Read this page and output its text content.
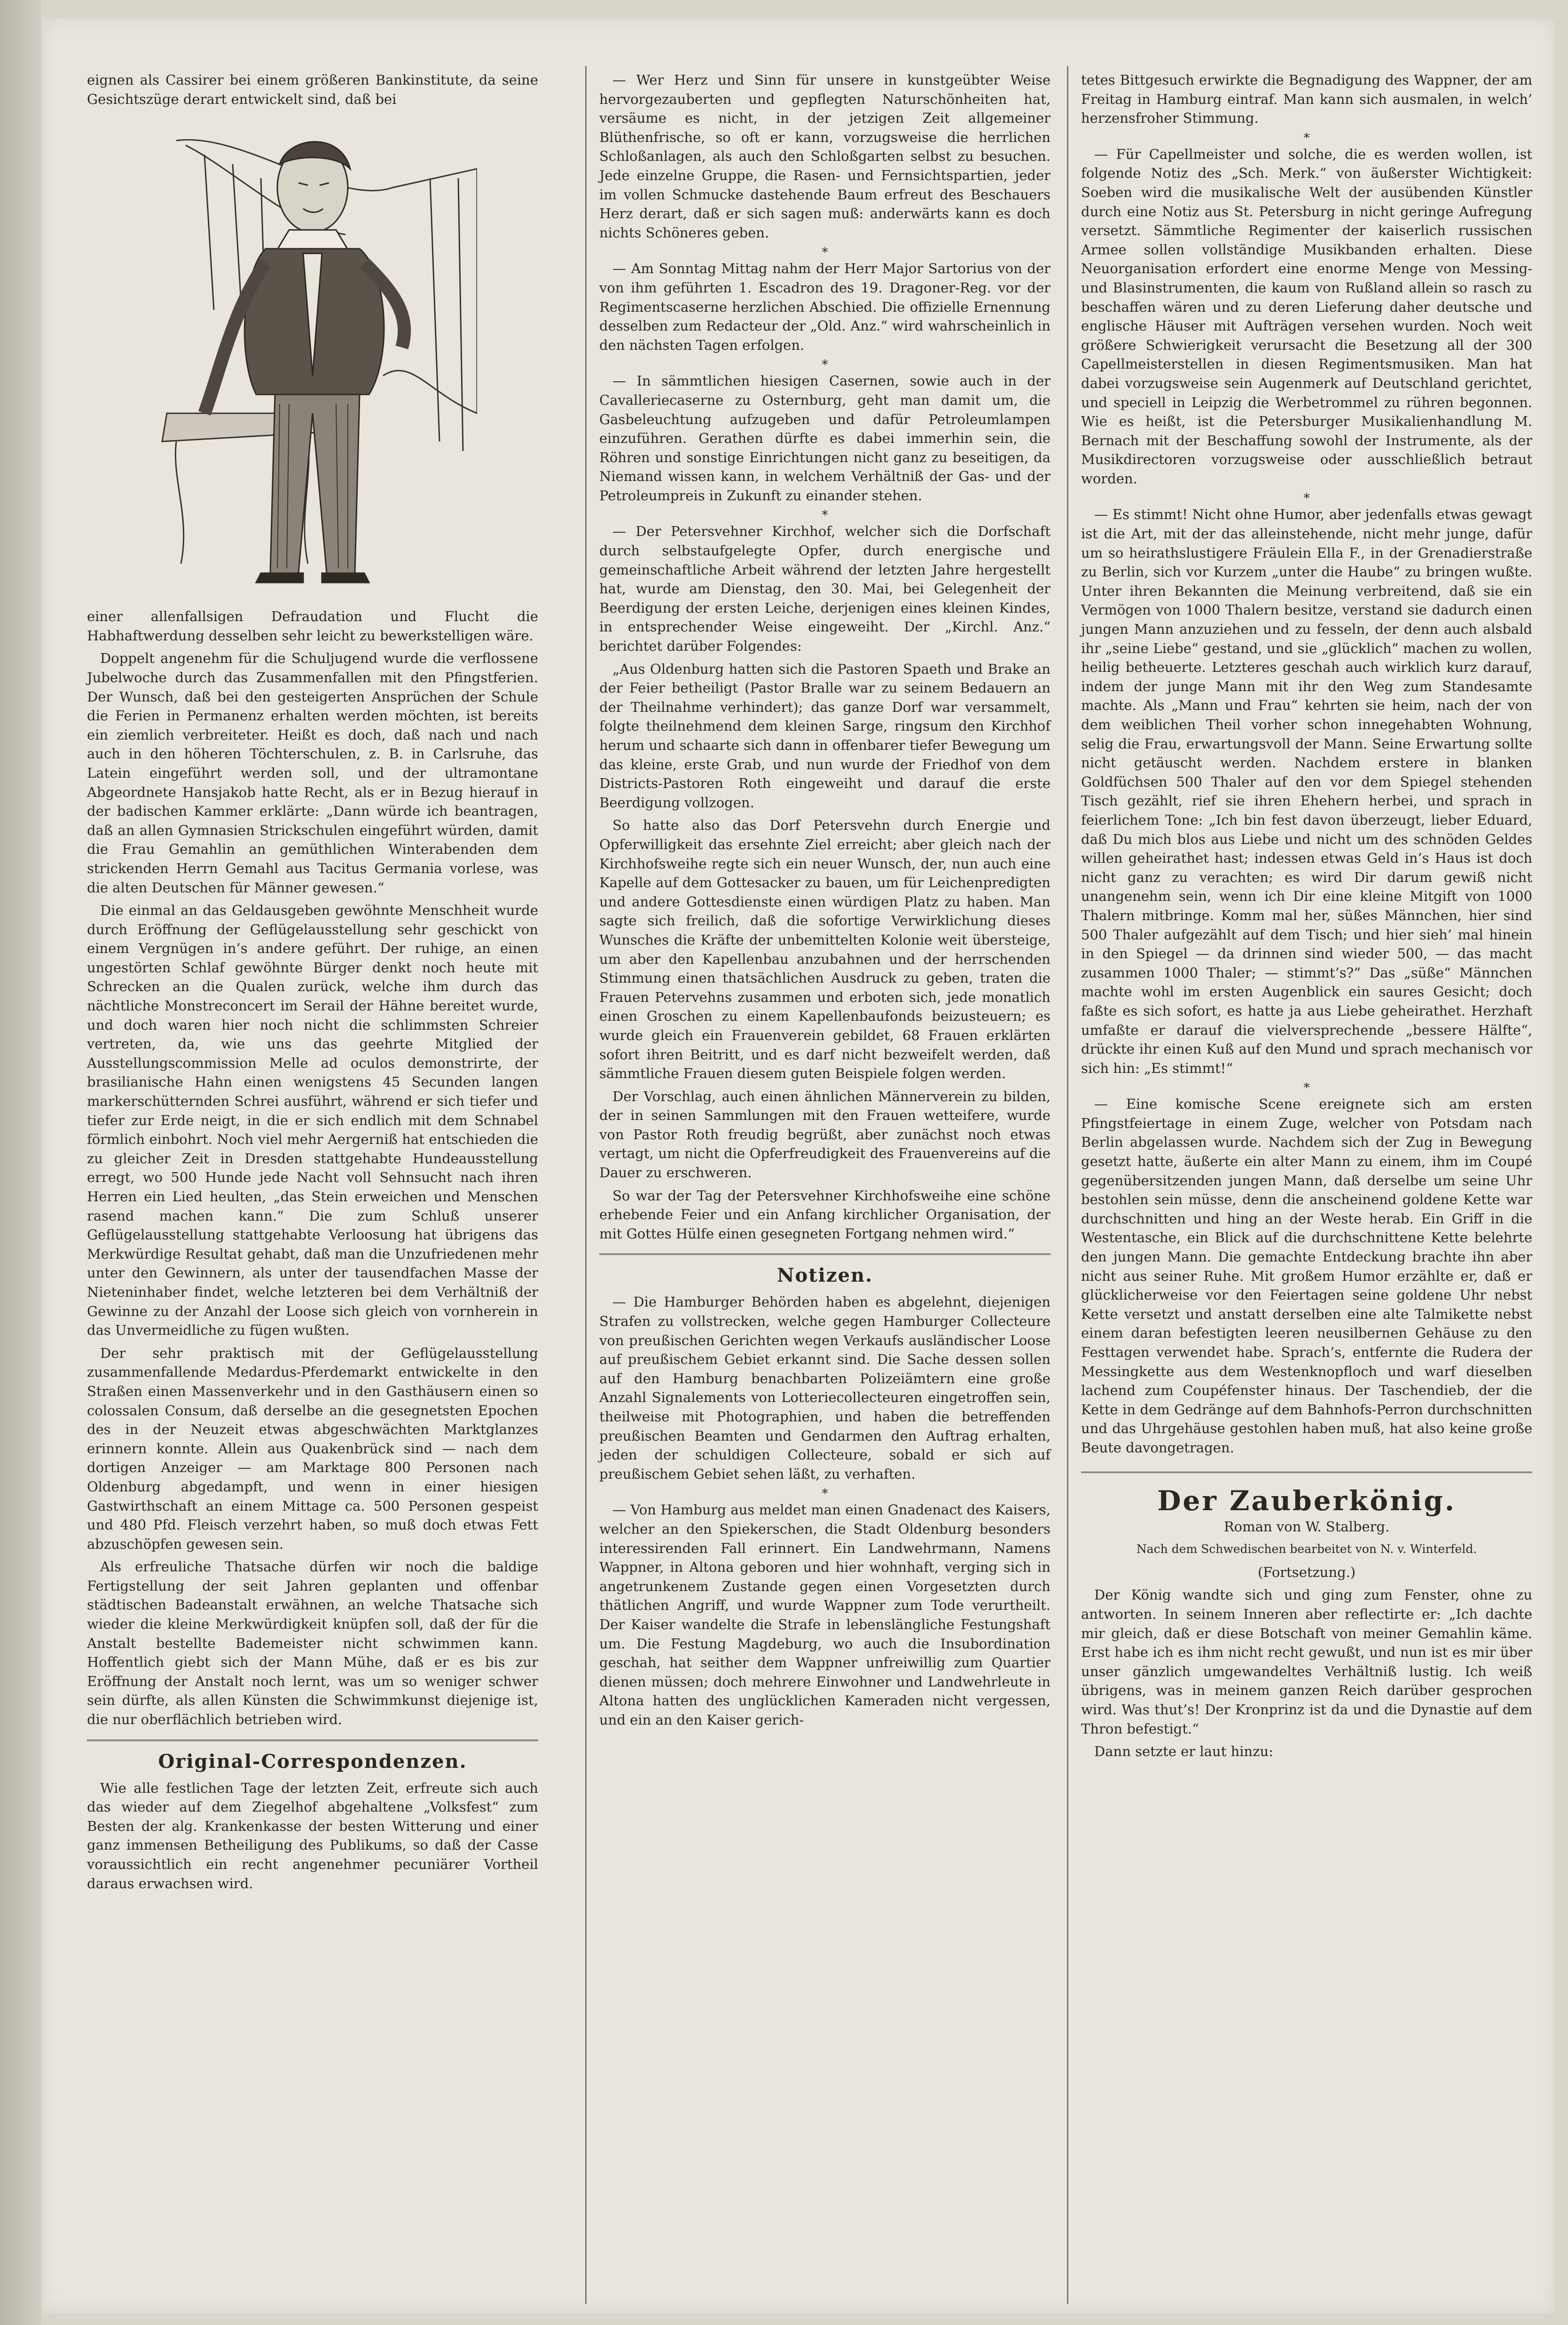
eignen als Cassirer bei einem größeren Bankinstitute, da seine Gesichtszüge derart entwickelt sind, daß bei

einer allenfallsigen Defraudation und Flucht die Habhaftwerdung desselben sehr leicht zu bewerkstelligen wäre.

Doppelt angenehm für die Schuljugend wurde die verflossene Jubelwoche durch das Zusammenfallen mit den Pfingstferien. Der Wunsch, daß bei den gesteigerten Ansprüchen der Schule die Ferien in Permanenz erhalten werden möchten, ist bereits ein ziemlich verbreiteter. Heißt es doch, daß nach und nach auch in den höheren Töchterschulen, z. B. in Carlsruhe, das Latein eingeführt werden soll, und der ultramontane Abgeordnete Hansjakob hatte Recht, als er in Bezug hierauf in der badischen Kammer erklärte: „Dann würde ich beantragen, daß an allen Gymnasien Strickschulen eingeführt würden, damit die Frau Gemahlin an gemüthlichen Winterabenden dem strickenden Herrn Gemahl aus Tacitus Germania vorlese, was die alten Deutschen für Männer gewesen.“

Die einmal an das Geldausgeben gewöhnte Menschheit wurde durch Eröffnung der Geflügelausstellung sehr geschickt von einem Vergnügen in’s andere geführt. Der ruhige, an einen ungestörten Schlaf gewöhnte Bürger denkt noch heute mit Schrecken an die Qualen zurück, welche ihm durch das nächtliche Monstreconcert im Serail der Hähne bereitet wurde, und doch waren hier noch nicht die schlimmsten Schreier vertreten, da, wie uns das geehrte Mitglied der Ausstellungscommission Melle ad oculos demonstrirte, der brasilianische Hahn einen wenigstens 45 Secunden langen markerschütternden Schrei ausführt, während er sich tiefer und tiefer zur Erde neigt, in die er sich endlich mit dem Schnabel förmlich einbohrt. Noch viel mehr Aergerniß hat entschieden die zu gleicher Zeit in Dresden stattgehabte Hundeausstellung erregt, wo 500 Hunde jede Nacht voll Sehnsucht nach ihren Herren ein Lied heulten, „das Stein erweichen und Menschen rasend machen kann.“ Die zum Schluß unserer Geflügelausstellung stattgehabte Verloosung hat übrigens das Merkwürdige Resultat gehabt, daß man die Unzufriedenen mehr unter den Gewinnern, als unter der tausendfachen Masse der Nieteninhaber findet, welche letzteren bei dem Verhältniß der Gewinne zu der Anzahl der Loose sich gleich von vornherein in das Unvermeidliche zu fügen wußten.

Der sehr praktisch mit der Geflügelausstellung zusammenfallende Medardus-Pferdemarkt entwickelte in den Straßen einen Massenverkehr und in den Gasthäusern einen so colossalen Consum, daß derselbe an die gesegnetsten Epochen des in der Neuzeit etwas abgeschwächten Marktglanzes erinnern konnte. Allein aus Quakenbrück sind — nach dem dortigen Anzeiger — am Marktage 800 Personen nach Oldenburg abgedampft, und wenn in einer hiesigen Gastwirthschaft an einem Mittage ca. 500 Personen gespeist und 480 Pfd. Fleisch verzehrt haben, so muß doch etwas Fett abzuschöpfen gewesen sein.

Als erfreuliche Thatsache dürfen wir noch die baldige Fertigstellung der seit Jahren geplanten und offenbar städtischen Badeanstalt erwähnen, an welche Thatsache sich wieder die kleine Merkwürdigkeit knüpfen soll, daß der für die Anstalt bestellte Bademeister nicht schwimmen kann. Hoffentlich giebt sich der Mann Mühe, daß er es bis zur Eröffnung der Anstalt noch lernt, was um so weniger schwer sein dürfte, als allen Künsten die Schwimmkunst diejenige ist, die nur oberflächlich betrieben wird.

Original-Correspondenzen.

Wie alle festlichen Tage der letzten Zeit, erfreute sich auch das wieder auf dem Ziegelhof abgehaltene „Volksfest“ zum Besten der alg. Krankenkasse der besten Witterung und einer ganz immensen Betheiligung des Publikums, so daß der Casse voraussichtlich ein recht angenehmer pecuniärer Vortheil daraus erwachsen wird.

— Wer Herz und Sinn für unsere in kunstgeübter Weise hervorgezauberten und gepflegten Naturschönheiten hat, versäume es nicht, in der jetzigen Zeit allgemeiner Blüthenfrische, so oft er kann, vorzugsweise die herrlichen Schloßanlagen, als auch den Schloßgarten selbst zu besuchen. Jede einzelne Gruppe, die Rasen- und Fernsichtspartien, jeder im vollen Schmucke dastehende Baum erfreut des Beschauers Herz derart, daß er sich sagen muß: anderwärts kann es doch nichts Schöneres geben.

*

— Am Sonntag Mittag nahm der Herr Major Sartorius von der von ihm geführten 1. Escadron des 19. Dragoner-Reg. vor der Regimentscaserne herzlichen Abschied. Die offizielle Ernennung desselben zum Redacteur der „Old. Anz.“ wird wahrscheinlich in den nächsten Tagen erfolgen.

*

— In sämmtlichen hiesigen Casernen, sowie auch in der Cavalleriecaserne zu Osternburg, geht man damit um, die Gasbeleuchtung aufzugeben und dafür Petroleumlampen einzuführen. Gerathen dürfte es dabei immerhin sein, die Röhren und sonstige Einrichtungen nicht ganz zu beseitigen, da Niemand wissen kann, in welchem Verhältniß der Gas- und der Petroleumpreis in Zukunft zu einander stehen.

*

— Der Petersvehner Kirchhof, welcher sich die Dorfschaft durch selbstaufgelegte Opfer, durch energische und gemeinschaftliche Arbeit während der letzten Jahre hergestellt hat, wurde am Dienstag, den 30. Mai, bei Gelegenheit der Beerdigung der ersten Leiche, derjenigen eines kleinen Kindes, in entsprechender Weise eingeweiht. Der „Kirchl. Anz.“ berichtet darüber Folgendes:

„Aus Oldenburg hatten sich die Pastoren Spaeth und Brake an der Feier betheiligt (Pastor Bralle war zu seinem Bedauern an der Theilnahme verhindert); das ganze Dorf war versammelt, folgte theilnehmend dem kleinen Sarge, ringsum den Kirchhof herum und schaarte sich dann in offenbarer tiefer Bewegung um das kleine, erste Grab, und nun wurde der Friedhof von dem Districts-Pastoren Roth eingeweiht und darauf die erste Beerdigung vollzogen.

So hatte also das Dorf Petersvehn durch Energie und Opferwilligkeit das ersehnte Ziel erreicht; aber gleich nach der Kirchhofsweihe regte sich ein neuer Wunsch, der, nun auch eine Kapelle auf dem Gottesacker zu bauen, um für Leichenpredigten und andere Gottesdienste einen würdigen Platz zu haben. Man sagte sich freilich, daß die sofortige Verwirklichung dieses Wunsches die Kräfte der unbemittelten Kolonie weit übersteige, um aber den Kapellenbau anzubahnen und der herrschenden Stimmung einen thatsächlichen Ausdruck zu geben, traten die Frauen Petervehns zusammen und erboten sich, jede monatlich einen Groschen zu einem Kapellenbaufonds beizusteuern; es wurde gleich ein Frauenverein gebildet, 68 Frauen erklärten sofort ihren Beitritt, und es darf nicht bezweifelt werden, daß sämmtliche Frauen diesem guten Beispiele folgen werden.

Der Vorschlag, auch einen ähnlichen Männerverein zu bilden, der in seinen Sammlungen mit den Frauen wetteifere, wurde von Pastor Roth freudig begrüßt, aber zunächst noch etwas vertagt, um nicht die Opferfreudigkeit des Frauenvereins auf die Dauer zu erschweren.

So war der Tag der Petersvehner Kirchhofsweihe eine schöne erhebende Feier und ein Anfang kirchlicher Organisation, der mit Gottes Hülfe einen gesegneten Fortgang nehmen wird.“

Notizen.

— Die Hamburger Behörden haben es abgelehnt, diejenigen Strafen zu vollstrecken, welche gegen Hamburger Collecteure von preußischen Gerichten wegen Verkaufs ausländischer Loose auf preußischem Gebiet erkannt sind. Die Sache dessen sollen auf den Hamburg benachbarten Polizeiämtern eine große Anzahl Signalements von Lotteriecollecteuren eingetroffen sein, theilweise mit Photographien, und haben die betreffenden preußischen Beamten und Gendarmen den Auftrag erhalten, jeden der schuldigen Collecteure, sobald er sich auf preußischem Gebiet sehen läßt, zu verhaften.

*

— Von Hamburg aus meldet man einen Gnadenact des Kaisers, welcher an den Spiekerschen, die Stadt Oldenburg besonders interessirenden Fall erinnert. Ein Landwehrmann, Namens Wappner, in Altona geboren und hier wohnhaft, verging sich in angetrunkenem Zustande gegen einen Vorgesetzten durch thätlichen Angriff, und wurde Wappner zum Tode verurtheilt. Der Kaiser wandelte die Strafe in lebenslängliche Festungshaft um. Die Festung Magdeburg, wo auch die Insubordination geschah, hat seither dem Wappner unfreiwillig zum Quartier dienen müssen; doch mehrere Einwohner und Landwehrleute in Altona hatten des unglücklichen Kameraden nicht vergessen, und ein an den Kaiser gerich-

tetes Bittgesuch erwirkte die Begnadigung des Wappner, der am Freitag in Hamburg eintraf. Man kann sich ausmalen, in welch’ herzensfroher Stimmung.

*

— Für Capellmeister und solche, die es werden wollen, ist folgende Notiz des „Sch. Merk.“ von äußerster Wichtigkeit: Soeben wird die musikalische Welt der ausübenden Künstler durch eine Notiz aus St. Petersburg in nicht geringe Aufregung versetzt. Sämmtliche Regimenter der kaiserlich russischen Armee sollen vollständige Musikbanden erhalten. Diese Neuorganisation erfordert eine enorme Menge von Messing- und Blasinstrumenten, die kaum von Rußland allein so rasch zu beschaffen wären und zu deren Lieferung daher deutsche und englische Häuser mit Aufträgen versehen wurden. Noch weit größere Schwierigkeit verursacht die Besetzung all der 300 Capellmeisterstellen in diesen Regimentsmusiken. Man hat dabei vorzugsweise sein Augenmerk auf Deutschland gerichtet, und speciell in Leipzig die Werbetrommel zu rühren begonnen. Wie es heißt, ist die Petersburger Musikalienhandlung M. Bernach mit der Beschaffung sowohl der Instrumente, als der Musikdirectoren vorzugsweise oder ausschließlich betraut worden.

*

— Es stimmt! Nicht ohne Humor, aber jedenfalls etwas gewagt ist die Art, mit der das alleinstehende, nicht mehr junge, dafür um so heirathslustigere Fräulein Ella F., in der Grenadierstraße zu Berlin, sich vor Kurzem „unter die Haube“ zu bringen wußte. Unter ihren Bekannten die Meinung verbreitend, daß sie ein Vermögen von 1000 Thalern besitze, verstand sie dadurch einen jungen Mann anzuziehen und zu fesseln, der denn auch alsbald ihr „seine Liebe“ gestand, und sie „glücklich“ machen zu wollen, heilig betheuerte. Letzteres geschah auch wirklich kurz darauf, indem der junge Mann mit ihr den Weg zum Standesamte machte. Als „Mann und Frau“ kehrten sie heim, nach der von dem weiblichen Theil vorher schon innegehabten Wohnung, selig die Frau, erwartungsvoll der Mann. Seine Erwartung sollte nicht getäuscht werden. Nachdem erstere in blanken Goldfüchsen 500 Thaler auf den vor dem Spiegel stehenden Tisch gezählt, rief sie ihren Ehehern herbei, und sprach in feierlichem Tone: „Ich bin fest davon überzeugt, lieber Eduard, daß Du mich blos aus Liebe und nicht um des schnöden Geldes willen geheirathet hast; indessen etwas Geld in’s Haus ist doch nicht ganz zu verachten; es wird Dir darum gewiß nicht unangenehm sein, wenn ich Dir eine kleine Mitgift von 1000 Thalern mitbringe. Komm mal her, süßes Männchen, hier sind 500 Thaler aufgezählt auf dem Tisch; und hier sieh’ mal hinein in den Spiegel — da drinnen sind wieder 500, — das macht zusammen 1000 Thaler; — stimmt’s?“ Das „süße“ Männchen machte wohl im ersten Augenblick ein saures Gesicht; doch faßte es sich sofort, es hatte ja aus Liebe geheirathet. Herzhaft umfaßte er darauf die vielversprechende „bessere Hälfte“, drückte ihr einen Kuß auf den Mund und sprach mechanisch vor sich hin: „Es stimmt!“

*

— Eine komische Scene ereignete sich am ersten Pfingstfeiertage in einem Zuge, welcher von Potsdam nach Berlin abgelassen wurde. Nachdem sich der Zug in Bewegung gesetzt hatte, äußerte ein alter Mann zu einem, ihm im Coupé gegenübersitzenden jungen Mann, daß derselbe um seine Uhr bestohlen sein müsse, denn die anscheinend goldene Kette war durchschnitten und hing an der Weste herab. Ein Griff in die Westentasche, ein Blick auf die durchschnittene Kette belehrte den jungen Mann. Die gemachte Entdeckung brachte ihn aber nicht aus seiner Ruhe. Mit großem Humor erzählte er, daß er glücklicherweise vor den Feiertagen seine goldene Uhr nebst Kette versetzt und anstatt derselben eine alte Talmikette nebst einem daran befestigten leeren neusilbernen Gehäuse zu den Festtagen verwendet habe. Sprach’s, entfernte die Rudera der Messingkette aus dem Westenknopfloch und warf dieselben lachend zum Coupéfenster hinaus. Der Taschendieb, der die Kette in dem Gedränge auf dem Bahnhofs-Perron durchschnitten und das Uhrgehäuse gestohlen haben muß, hat also keine große Beute davongetragen.

Der Zauberkönig.

Roman von W. Stalberg.

Nach dem Schwedischen bearbeitet von N. v. Winterfeld.

(Fortsetzung.)

Der König wandte sich und ging zum Fenster, ohne zu antworten. In seinem Inneren aber reflectirte er: „Ich dachte mir gleich, daß er diese Botschaft von meiner Gemahlin käme. Erst habe ich es ihm nicht recht gewußt, und nun ist es mir über unser gänzlich umgewandeltes Verhältniß lustig. Ich weiß übrigens, was in meinem ganzen Reich darüber gesprochen wird. Was thut’s! Der Kronprinz ist da und die Dynastie auf dem Thron befestigt.“

Dann setzte er laut hinzu:
